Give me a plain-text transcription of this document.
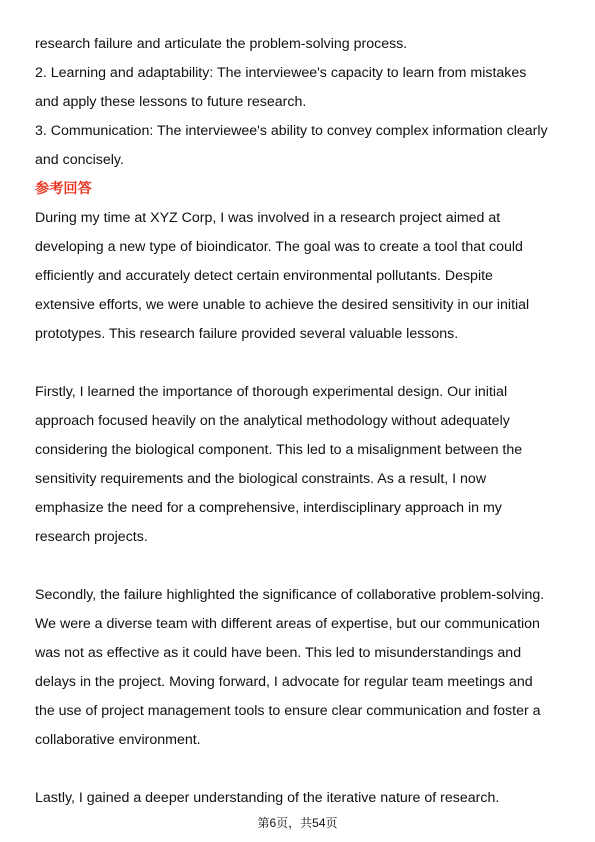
research failure and articulate the problem-solving process.

2. Learning and adaptability: The interviewee's capacity to learn from mistakes

and apply these lessons to future research.

3. Communication: The interviewee's ability to convey complex information clearly

and concisely.

参考回答

During my time at XYZ Corp, I was involved in a research project aimed at

developing a new type of bioindicator. The goal was to create a tool that could

efficiently and accurately detect certain environmental pollutants. Despite

extensive efforts, we were unable to achieve the desired sensitivity in our initial

prototypes. This research failure provided several valuable lessons.

Firstly, I learned the importance of thorough experimental design. Our initial

approach focused heavily on the analytical methodology without adequately

considering the biological component. This led to a misalignment between the

sensitivity requirements and the biological constraints. As a result, I now

emphasize the need for a comprehensive, interdisciplinary approach in my

research projects.

Secondly, the failure highlighted the significance of collaborative problem-solving.

We were a diverse team with different areas of expertise, but our communication

was not as effective as it could have been. This led to misunderstandings and

delays in the project. Moving forward, I advocate for regular team meetings and

the use of project management tools to ensure clear communication and foster a

collaborative environment.

Lastly, I gained a deeper understanding of the iterative nature of research.

第6页，共54页
